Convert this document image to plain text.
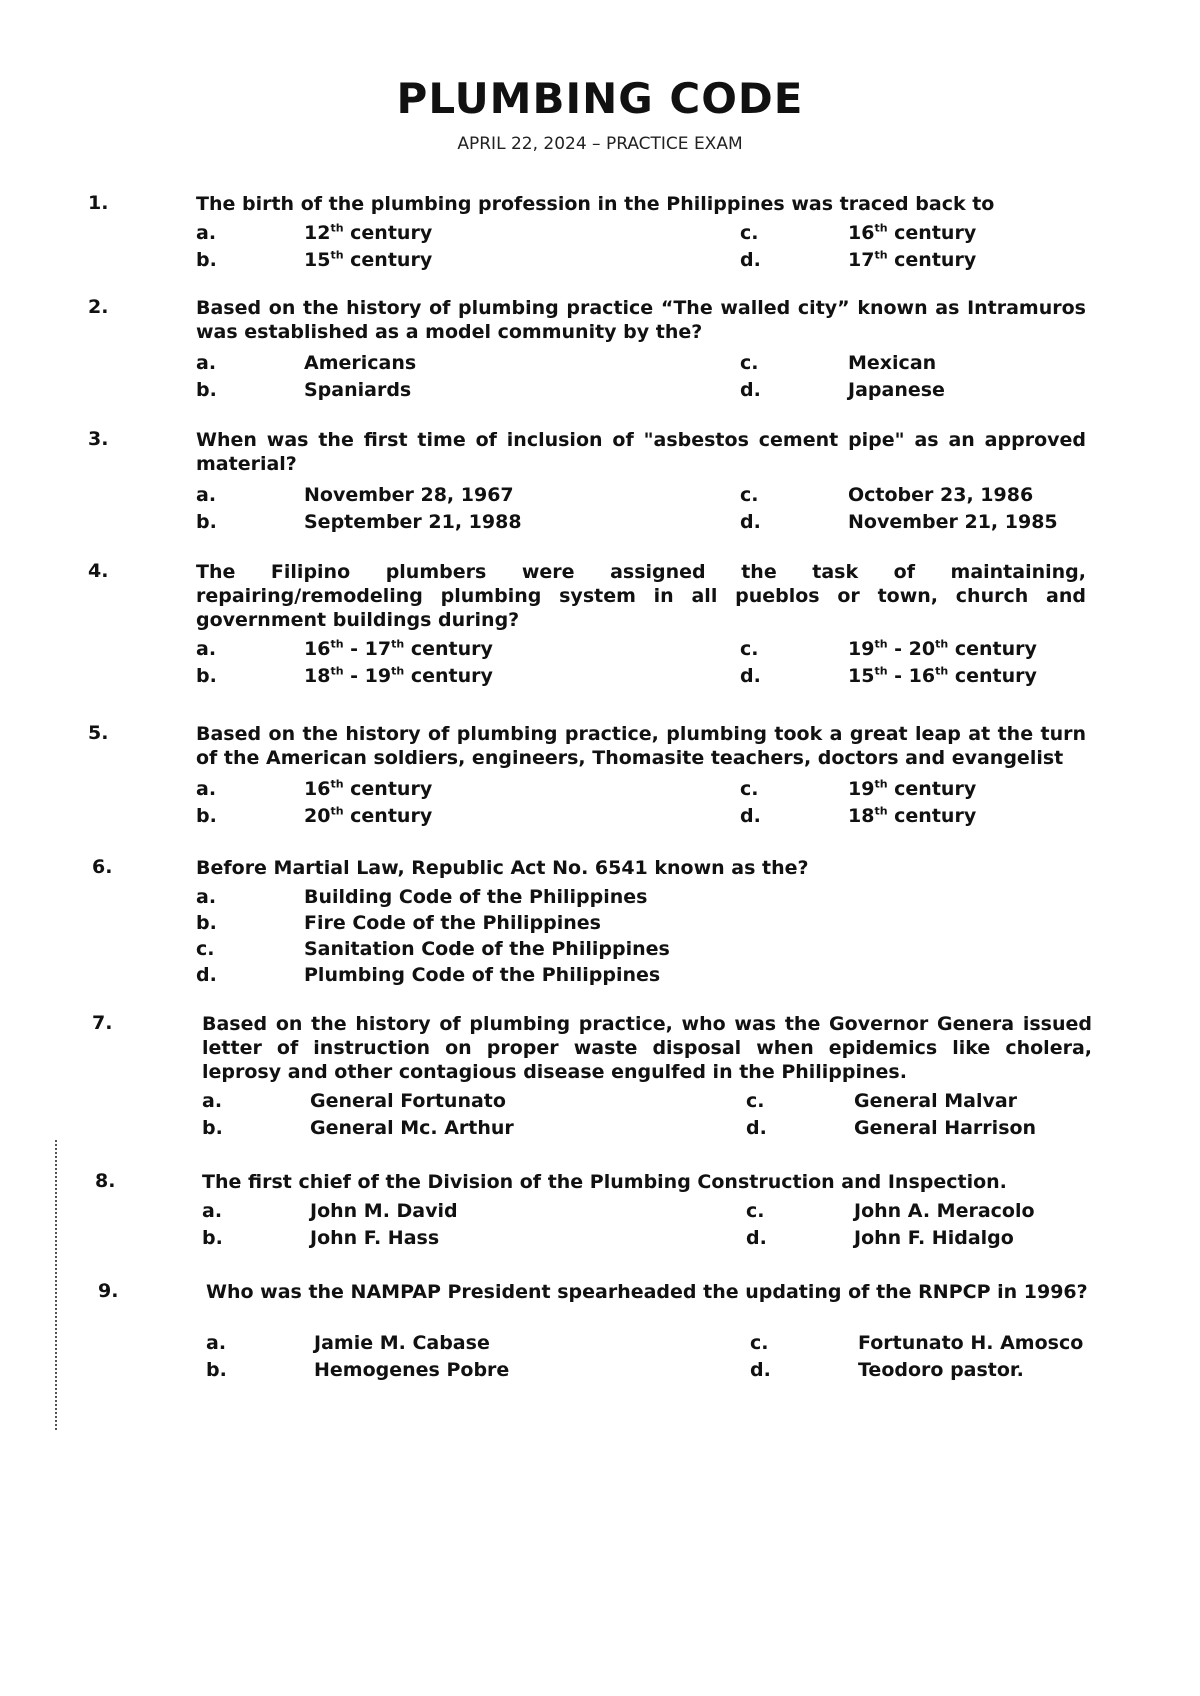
PLUMBING CODE
APRIL 22, 2024 – PRACTICE EXAM
1.	The birth of the plumbing profession in the Philippines was traced back to
a.	12th century
b.	15th century
c.	16th century
d.	17th century
2.	Based on the history of plumbing practice “The walled city” known as Intramuros was established as a model community by the?
a.	Americans
b.	Spaniards
c.	Mexican
d.	Japanese
3.	When was the first time of inclusion of "asbestos cement pipe" as an approved material?
a.	November 28, 1967
b.	September 21, 1988
c.	October 23, 1986
d.	November 21, 1985
4.	The Filipino plumbers were assigned the task of maintaining, repairing/remodeling plumbing system in all pueblos or town, church and government buildings during?
a.	16th - 17th century
b.	18th - 19th century
c.	19th - 20th century
d.	15th - 16th century
5.	Based on the history of plumbing practice, plumbing took a great leap at the turn of the American soldiers, engineers, Thomasite teachers, doctors and evangelist
a.	16th century
b.	20th century
c.	19th century
d.	18th century
6.	Before Martial Law, Republic Act No. 6541 known as the?
a.	Building Code of the Philippines
b.	Fire Code of the Philippines
c.	Sanitation Code of the Philippines
d.	Plumbing Code of the Philippines
7.	Based on the history of plumbing practice, who was the Governor Genera issued letter of instruction on proper waste disposal when epidemics like cholera, leprosy and other contagious disease engulfed in the Philippines.
a.	General Fortunato
b.	General Mc. Arthur
c.	General Malvar
d.	General Harrison
8.	The first chief of the Division of the Plumbing Construction and Inspection.
a.	John M. David
b.	John F. Hass
c.	John A. Meracolo
d.	John F. Hidalgo
9.	Who was the NAMPAP President spearheaded the updating of the RNPCP in 1996?
a.	Jamie M. Cabase
b.	Hemogenes Pobre
c.	Fortunato H. Amosco
d.	Teodoro pastor.
